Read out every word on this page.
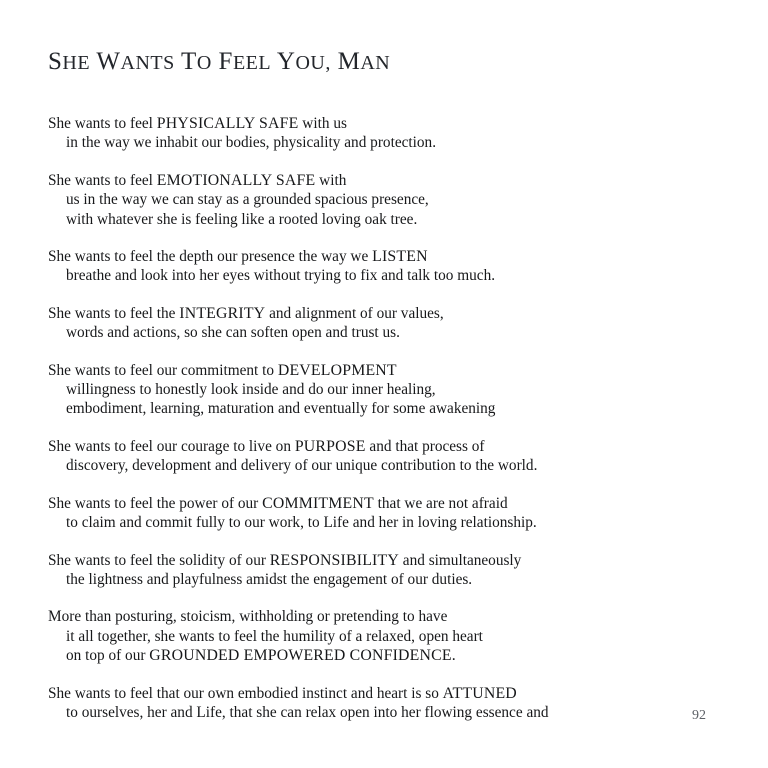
SHE WANTS TO FEEL YOU, MAN

She wants to feel PHYSICALLY SAFE with us
in the way we inhabit our bodies, physicality and protection.

She wants to feel EMOTIONALLY SAFE with
us in the way we can stay as a grounded spacious presence,
with whatever she is feeling like a rooted loving oak tree.

She wants to feel the depth our presence the way we LISTEN
breathe and look into her eyes without trying to fix and talk too much.

She wants to feel the INTEGRITY and alignment of our values,
words and actions, so she can soften open and trust us.

She wants to feel our commitment to DEVELOPMENT
willingness to honestly look inside and do our inner healing,
embodiment, learning, maturation and eventually for some awakening

She wants to feel our courage to live on PURPOSE and that process of
discovery, development and delivery of our unique contribution to the world.

She wants to feel the power of our COMMITMENT that we are not afraid
to claim and commit fully to our work, to Life and her in loving relationship.

She wants to feel the solidity of our RESPONSIBILITY and simultaneously
the lightness and playfulness amidst the engagement of our duties.

More than posturing, stoicism, withholding or pretending to have
it all together, she wants to feel the humility of a relaxed, open heart
on top of our GROUNDED EMPOWERED CONFIDENCE.

She wants to feel that our own embodied instinct and heart is so ATTUNED
to ourselves, her and Life, that she can relax open into her flowing essence and	92
